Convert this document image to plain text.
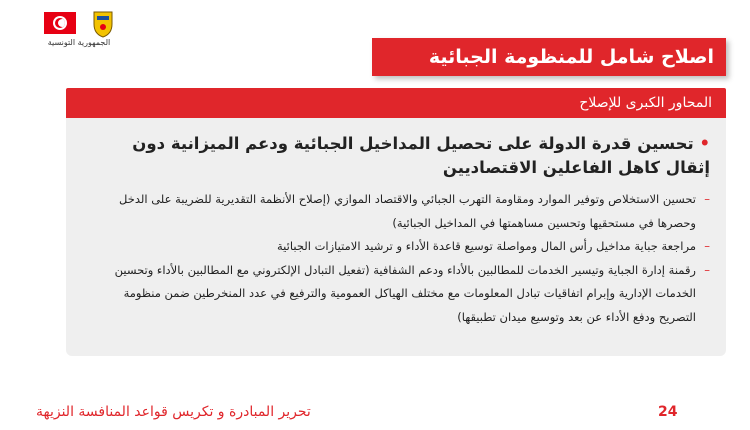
الجمهورية التونسية
اصلاح شامل للمنظومة الجبائية
المحاور الكبرى للإصلاح
• تحسين قدرة الدولة على تحصيل المداخيل الجبائية ودعم الميزانية دون إثقال كاهل الفاعلين الاقتصاديين
– تحسين الاستخلاص وتوفير الموارد ومقاومة التهرب الجبائي والاقتصاد الموازي (إصلاح الأنظمة التقديرية للضريبة على الدخل وحصرها في مستحقيها وتحسين مساهمتها في المداخيل الجبائية)
– مراجعة جباية مداخيل رأس المال ومواصلة توسيع قاعدة الأداء و ترشيد الامتيازات الجبائية
– رقمنة إدارة الجباية وتيسير الخدمات للمطالبين بالأداء ودعم الشفافية (تفعيل التبادل الإلكتروني مع المطالبين بالأداء وتحسين الخدمات الإدارية وإبرام اتفاقيات تبادل المعلومات مع مختلف الهياكل العمومية والترفيع في عدد المنخرطين ضمن منظومة التصريح ودفع الأداء عن بعد وتوسيع ميدان تطبيقها)
تحرير المبادرة و تكريس قواعد المنافسة النزيهة	24
